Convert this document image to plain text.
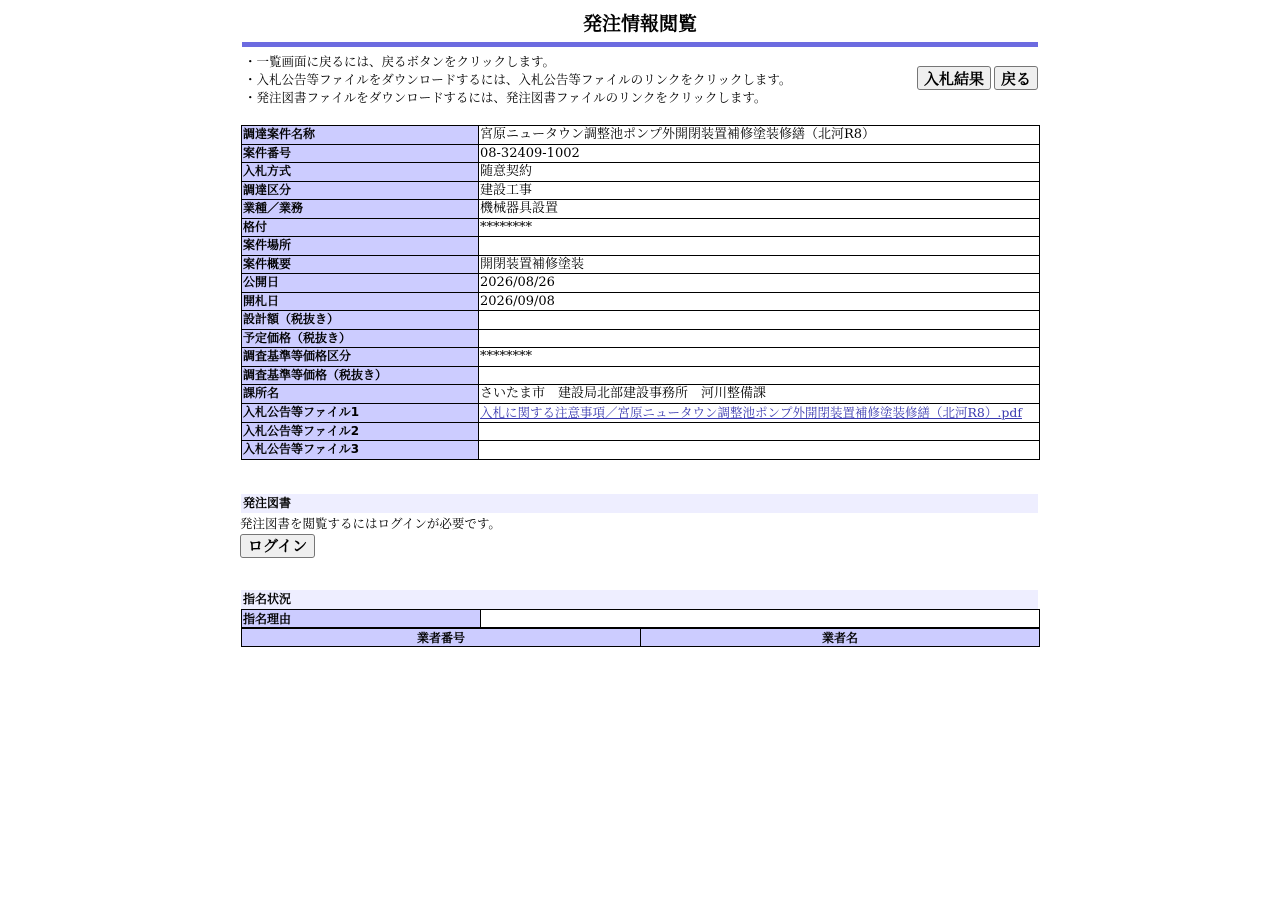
発注情報閲覧
・一覧画面に戻るには、戻るボタンをクリックします。
・入札公告等ファイルをダウンロードするには、入札公告等ファイルのリンクをクリックします。
・発注図書ファイルをダウンロードするには、発注図書ファイルのリンクをクリックします。
入札結果	戻る
調達案件名称	宮原ニュータウン調整池ポンプ外開閉装置補修塗装修繕（北河R8）
案件番号	08-32409-1002
入札方式	随意契約
調達区分	建設工事
業種／業務	機械器具設置
格付	********
案件場所	
案件概要	開閉装置補修塗装
公開日	2026/08/26
開札日	2026/09/08
設計額（税抜き）	
予定価格（税抜き）	
調査基準等価格区分	********
調査基準等価格（税抜き）	
課所名	さいたま市　建設局北部建設事務所　河川整備課
入札公告等ファイル1	入札に関する注意事項／宮原ニュータウン調整池ポンプ外開閉装置補修塗装修繕（北河R8）.pdf
入札公告等ファイル2	
入札公告等ファイル3	
発注図書
発注図書を閲覧するにはログインが必要です。
ログイン
指名状況
指名理由	
業者番号	業者名
